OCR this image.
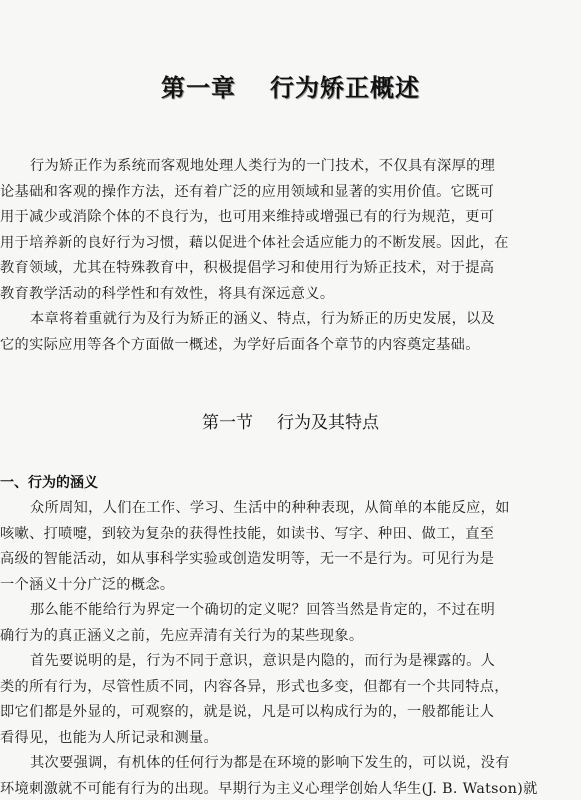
第一章 行为矫正概述
行为矫正作为系统而客观地处理人类行为的一门技术，不仅具有深厚的理
论基础和客观的操作方法，还有着广泛的应用领域和显著的实用价值。它既可
用于减少或消除个体的不良行为，也可用来维持或增强已有的行为规范，更可
用于培养新的良好行为习惯，藉以促进个体社会适应能力的不断发展。因此，在
教育领域，尤其在特殊教育中，积极提倡学习和使用行为矫正技术，对于提高
教育教学活动的科学性和有效性，将具有深远意义。
本章将着重就行为及行为矫正的涵义、特点，行为矫正的历史发展，以及
它的实际应用等各个方面做一概述，为学好后面各个章节的内容奠定基础。
第一节 行为及其特点
一、行为的涵义
众所周知，人们在工作、学习、生活中的种种表现，从简单的本能反应，如
咳嗽、打喷嚏，到较为复杂的获得性技能，如读书、写字、种田、做工，直至
高级的智能活动，如从事科学实验或创造发明等，无一不是行为。可见行为是
一个涵义十分广泛的概念。
那么能不能给行为界定一个确切的定义呢？回答当然是肯定的，不过在明
确行为的真正涵义之前，先应弄清有关行为的某些现象。
首先要说明的是，行为不同于意识，意识是内隐的，而行为是裸露的。人
类的所有行为，尽管性质不同，内容各异，形式也多变，但都有一个共同特点，
即它们都是外显的，可观察的，就是说，凡是可以构成行为的，一般都能让人
看得见，也能为人所记录和测量。
其次要强调，有机体的任何行为都是在环境的影响下发生的，可以说，没有
环境刺激就不可能有行为的出现。早期行为主义心理学创始人华生(J. B. Watson)就
